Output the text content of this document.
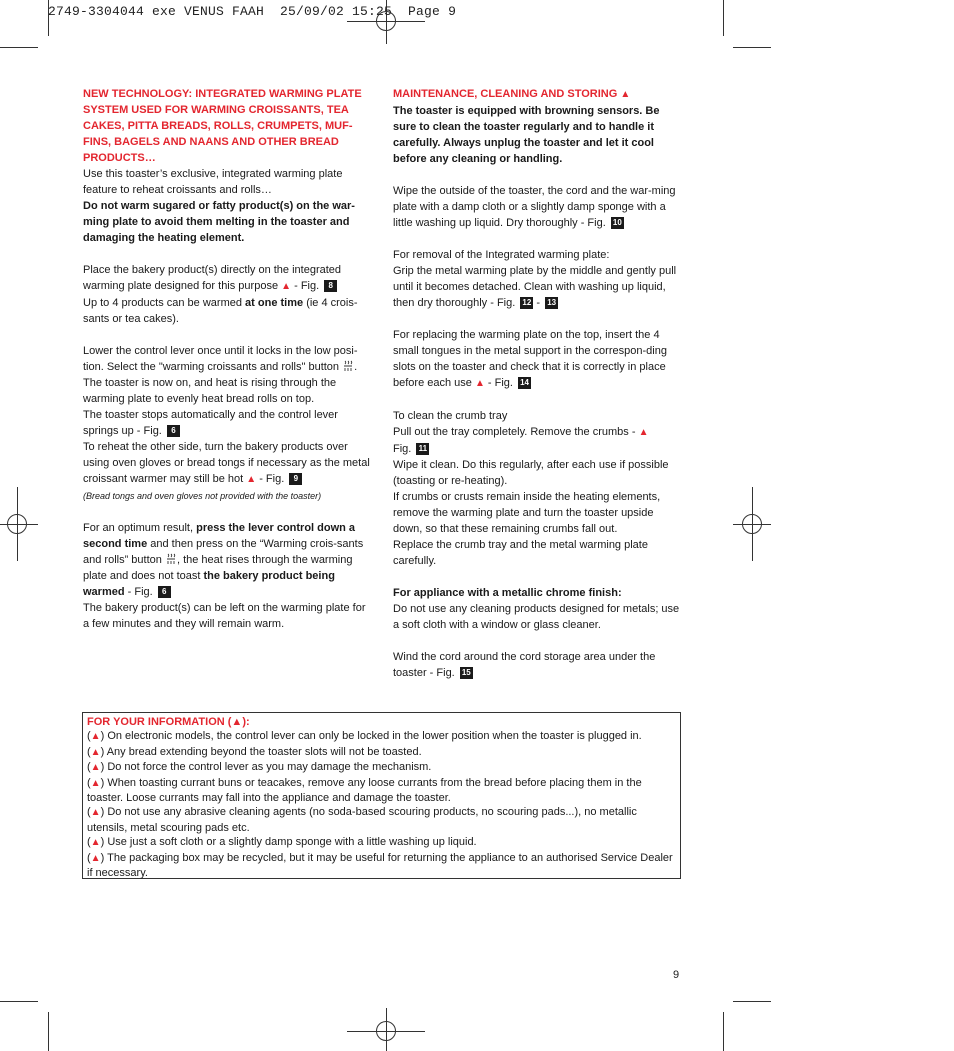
2749-3304044 exe VENUS FAAH  25/09/02 15:25  Page 9

NEW TECHNOLOGY: INTEGRATED WARMING PLATE SYSTEM USED FOR WARMING CROISSANTS, TEA CAKES, PITTA BREADS, ROLLS, CRUMPETS, MUF-FINS, BAGELS AND NAANS AND OTHER BREAD PRODUCTS…

Use this toaster’s exclusive, integrated warming plate feature to reheat croissants and rolls…

Do not warm sugared or fatty product(s) on the war-ming plate to avoid them melting in the toaster and damaging the heating element.

Place the bakery product(s) directly on the integrated warming plate designed for this purpose ▲ - Fig. 8

Up to 4 products can be warmed at one time (ie 4 crois-sants or tea cakes).

Lower the control lever once until it locks in the low posi-tion. Select the "warming croissants and rolls" button .

The toaster is now on, and heat is rising through the warming plate to evenly heat bread rolls on top.

The toaster stops automatically and the control lever springs up - Fig. 6

To reheat the other side, turn the bakery products over using oven gloves or bread tongs if necessary as the metal croissant warmer may still be hot ▲ - Fig. 9

(Bread tongs and oven gloves not provided with the toaster)

For an optimum result, press the lever control down a second time and then press on the “Warming crois-sants and rolls” button , the heat rises through the warming plate and does not toast the bakery product being warmed - Fig. 6

The bakery product(s) can be left on the warming plate for a few minutes and they will remain warm.

MAINTENANCE, CLEANING AND STORING ▲

The toaster is equipped with browning sensors. Be sure to clean the toaster regularly and to handle it carefully. Always unplug the toaster and let it cool before any cleaning or handling.

Wipe the outside of the toaster, the cord and the war-ming plate with a damp cloth or a slightly damp sponge with a little washing up liquid. Dry thoroughly - Fig. 10

For removal of the Integrated warming plate:

Grip the metal warming plate by the middle and gently pull until it becomes detached. Clean with washing up liquid, then dry thoroughly - Fig. 12 - 13

For replacing the warming plate on the top, insert the 4 small tongues in the metal support in the correspon-ding slots on the toaster and check that it is correctly in place before each use ▲ - Fig. 14

To clean the crumb tray

Pull out the tray completely. Remove the crumbs - ▲
Fig. 11

Wipe it clean. Do this regularly, after each use if possible (toasting or re-heating).

If crumbs or crusts remain inside the heating elements, remove the warming plate and turn the toaster upside down, so that these remaining crumbs fall out.

Replace the crumb tray and the metal warming plate carefully.

For appliance with a metallic chrome finish:

Do not use any cleaning products designed for metals; use a soft cloth with a window or glass cleaner.

Wind the cord around the cord storage area under the toaster - Fig. 15

FOR YOUR INFORMATION (▲):

(▲) On electronic models, the control lever can only be locked in the lower position when the toaster is plugged in.

(▲) Any bread extending beyond the toaster slots will not be toasted.

(▲) Do not force the control lever as you may damage the mechanism.

(▲) When toasting currant buns or teacakes, remove any loose currants from the bread before placing them in the toaster. Loose currants may fall into the appliance and damage the toaster.

(▲) Do not use any abrasive cleaning agents (no soda-based scouring products, no scouring pads...), no metallic utensils, metal scouring pads etc.

(▲) Use just a soft cloth or a slightly damp sponge with a little washing up liquid.

(▲) The packaging box may be recycled, but it may be useful for returning the appliance to an authorised Service Dealer if necessary.

9
